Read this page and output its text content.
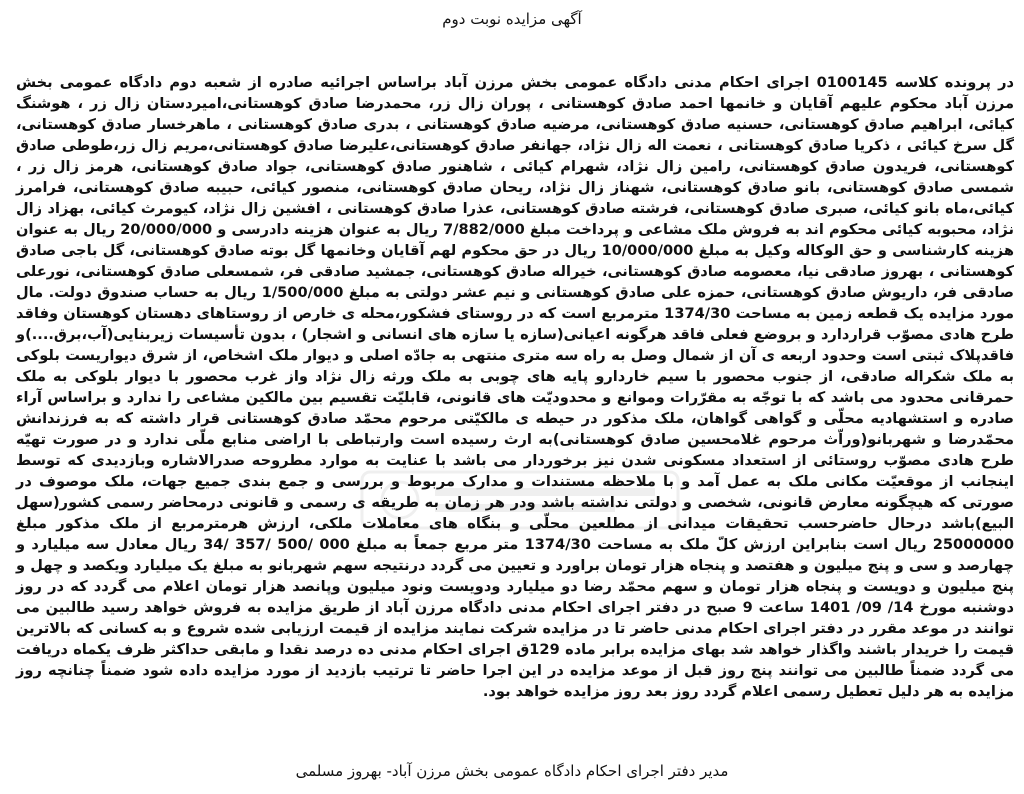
آگهی مزایده نوبت دوم

در پرونده کلاسه 0100145 اجرای احکام مدنی دادگاه عمومی بخش مرزن آباد براساس اجرائیه صادره از شعبه دوم دادگاه عمومی بخش مرزن آباد محکوم علیهم آقایان و خانمها احمد صادق کوهستانی ، پوران زال زر، محمدرضا صادق کوهستانی،امیردستان زال زر ، هوشنگ کیائی، ابراهیم صادق کوهستانی، حسنیه صادق کوهستانی، مرضیه صادق کوهستانی ، بدری صادق کوهستانی ، ماهرخسار صادق کوهستانی، گل سرخ کیائی ، ذکریا صادق کوهستانی ، نعمت اله زال نژاد، جهانفر صادق کوهستانی،علیرضا صادق کوهستانی،مریم زال زر،طوطی صادق کوهستانی، فریدون صادق کوهستانی، رامین زال نژاد، شهرام کیائی ، شاهنور صادق کوهستانی، جواد صادق کوهستانی، هرمز زال زر ، شمسی صادق کوهستانی، بانو صادق کوهستانی، شهناز زال نژاد، ریحان صادق کوهستانی، منصور کیائی، حبیبه صادق کوهستانی، فرامرز کیائی،ماه بانو کیائی، صبری صادق کوهستانی، فرشته صادق کوهستانی، عذرا صادق کوهستانی ، افشین زال نژاد، کیومرث کیائی، بهزاد زال نژاد، محبوبه کیائی محکوم اند به فروش ملک مشاعی و پرداخت مبلغ 7/882/000 ریال به عنوان هزینه دادرسی و 20/000/000 ریال به عنوان هزینه کارشناسی و حق الوکاله وکیل به مبلغ 10/000/000 ریال در حق محکوم لهم آقایان وخانمها گل بوته صادق کوهستانی، گل باجی صادق کوهستانی ، بهروز صادقی نیا، معصومه صادق کوهستانی، خیراله صادق کوهستانی، جمشید صادقی فر، شمسعلی صادق کوهستانی، نورعلی صادقی فر، داریوش صادق کوهستانی، حمزه علی صادق کوهستانی و نیم عشر دولتی به مبلغ 1/500/000 ریال به حساب صندوق دولت. مال مورد مزایده یک قطعه زمین به مساحت 1374/30 مترمربع است که در روستای فشکور،محله ی خارص از روستاهای دهستان کوهستان وفاقد طرح هادی مصوّب قراردارد و بروضع فعلی فاقد هرگونه اعیانی(سازه یا سازه های انسانی و اشجار) ، بدون تأسیسات زیربنایی(آب،برق....)و فاقدپلاک ثبتی است وحدود اربعه ی آن از شمال وصل به راه سه متری منتهی به جادّه اصلی و دیوار ملک اشخاص، از شرق دیواریست بلوکی به ملک شکراله صادقی، از جنوب محصور با سیم خاردارو پایه های چوبی به ملک ورثه زال نژاد واز غرب محصور با دیوار بلوکی به ملک حمرقانی محدود می باشد که با توجّه به مقرّرات وموانع و محدودیّت های قانونی، قابلیّت تقسیم بین مالکین مشاعی را ندارد و براساس آراء صادره و استشهادیه محلّی و گواهی گواهان، ملک مذکور در حیطه ی مالکیّتی مرحوم محمّد صادق کوهستانی قرار داشته که به فرزندانش محمّدرضا و شهربانو(وراّث مرحوم غلامحسین صادق کوهستانی)به ارث رسیده است وارتباطی با اراضی منابع ملّی ندارد و در صورت تهیّه طرح هادی مصوّب روستائی از استعداد مسکونی شدن نیز برخوردار می باشد با عنایت به موارد مطروحه صدرالاشاره وبازدیدی که توسط اینجانب از موقعیّت مکانی ملک به عمل آمد و با ملاحظه مستندات و مدارک مربوط و بررسی و جمع بندی جمیع جهات، ملک موصوف در صورتی که هیچگونه معارض قانونی، شخصی و دولتی نداشته باشد ودر هر زمان به طریقه ی رسمی و قانونی درمحاضر رسمی کشور(سهل البیع)باشد درحال حاضرحسب تحقیقات میدانی از مطلعین محلّی و بنگاه های معاملات ملکی، ارزش هرمترمربع از ملک مذکور مبلغ 25000000 ریال است بنابراین ارزش کلّ ملک به مساحت 1374/30 متر مربع جمعاً به مبلغ 000 /500 /357 /34 ریال معادل سه میلیارد و چهارصد و سی و پنج میلیون و هفتصد و پنجاه هزار تومان براورد و تعیین می گردد درنتیجه سهم شهربانو به مبلغ یک میلیارد ویکصد و چهل و پنج میلیون و دویست و پنجاه هزار تومان و سهم محمّد رضا دو میلیارد ودویست ونود میلیون وپانصد هزار تومان اعلام می گردد که در روز دوشنبه مورخ 14/ 09/ 1401 ساعت 9 صبح در دفتر اجرای احکام مدنی دادگاه مرزن آباد از طریق مزایده به فروش خواهد رسید طالبین می توانند در موعد مقرر در دفتر اجرای احکام مدنی حاضر تا در مزایده شرکت نمایند مزایده از قیمت ارزیابی شده شروع و به کسانی که بالاترین قیمت را خریدار باشند واگذار خواهد شد بهای مزایده برابر ماده 129ق اجرای احکام مدنی ده درصد نقدا و مابقی حداکثر ظرف یکماه دریافت می گردد ضمناً طالبین می توانند پنج روز قبل از موعد مزایده در این اجرا حاضر تا ترتیب بازدید از مورد مزایده داده شود ضمناً چنانچه روز مزایده به هر دلیل تعطیل رسمی اعلام گردد روز بعد روز مزایده خواهد بود.

مدیر دفتر اجرای احکام دادگاه عمومی بخش مرزن آباد- بهروز مسلمی
